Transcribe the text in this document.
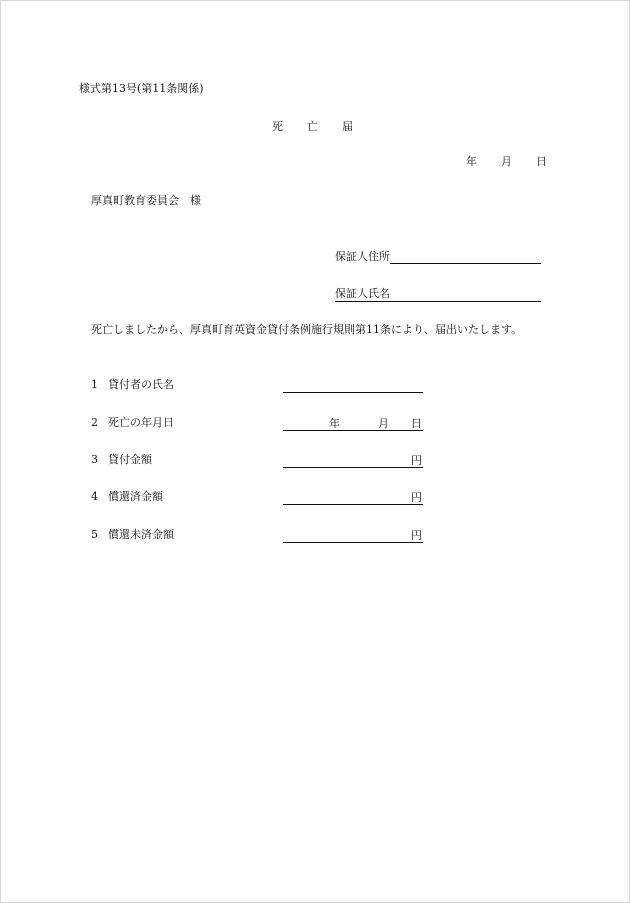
様式第13号(第11条関係)
死 亡 届
年 月 日
厚真町教育委員会　様
保証人住所
保証人氏名
死亡しましたから、厚真町育英資金貸付条例施行規則第11条により、届出いたします。
1 貸付者の氏名
2 死亡の年月日	年	月 日
3 貸付金額	円
4 償還済金額	円
5 償還未済金額	円
